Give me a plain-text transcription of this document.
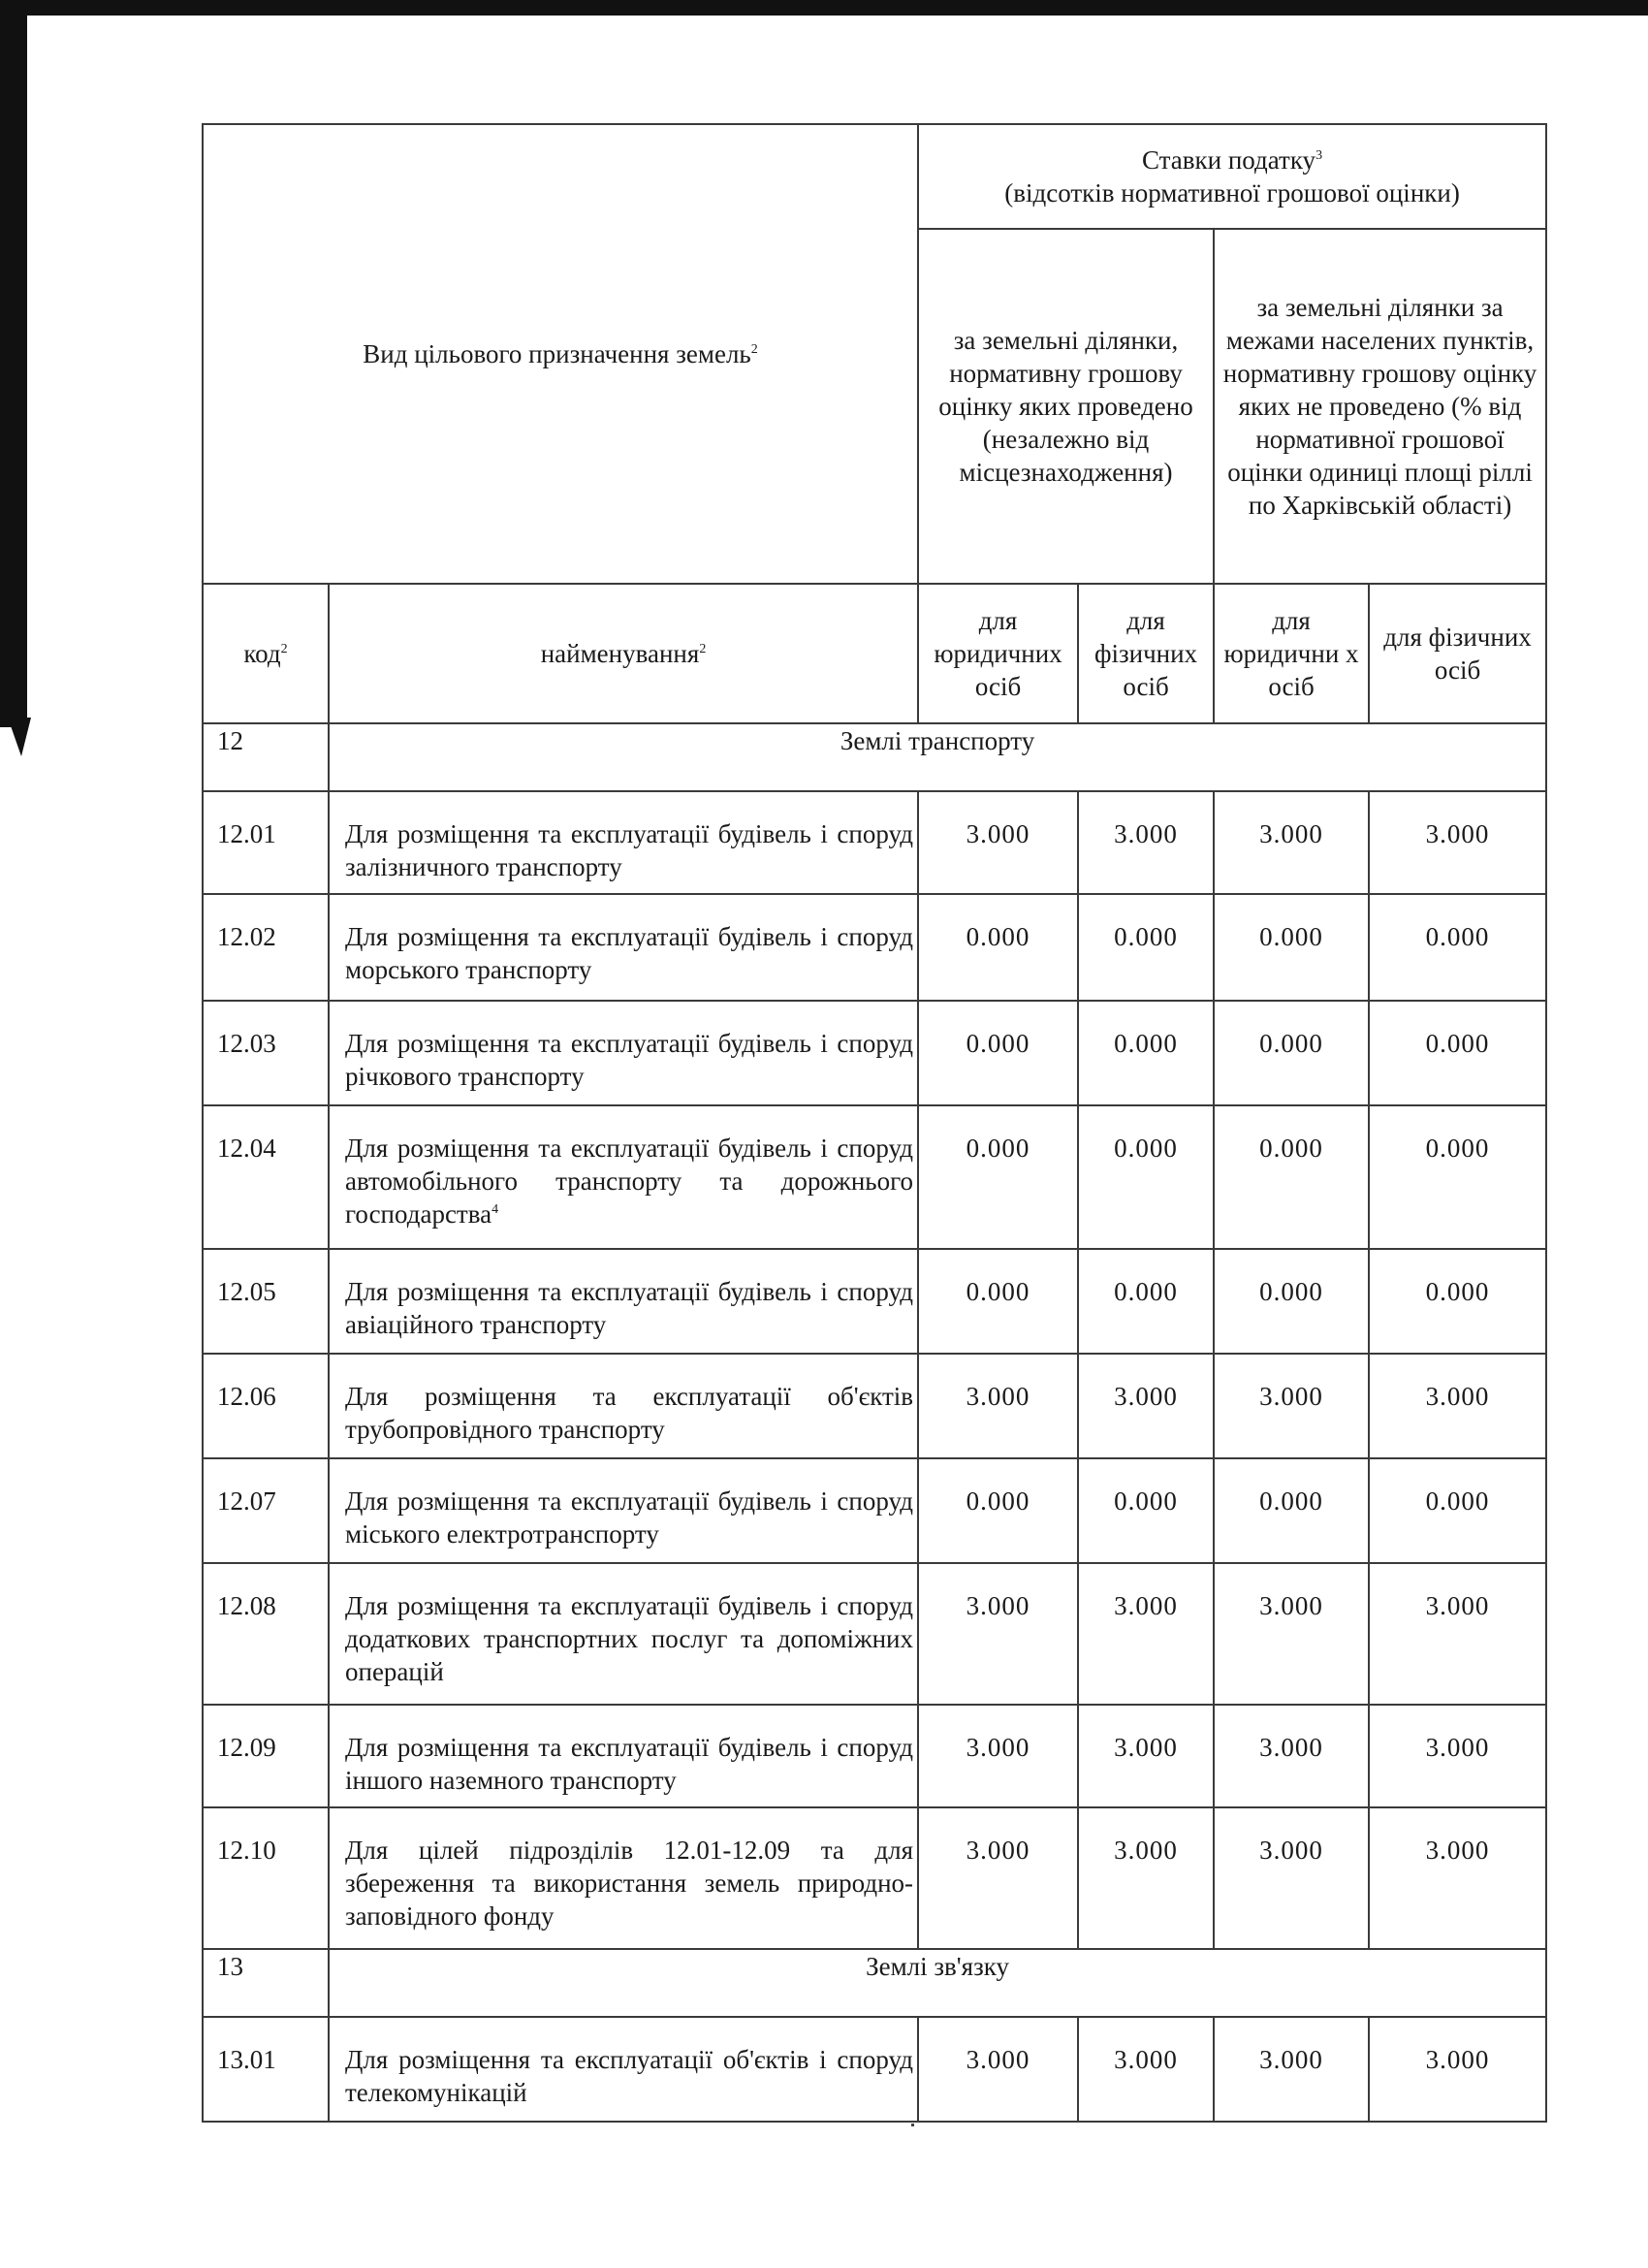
Вид цільового призначення земель$^2$		Ставки податку$^3$
(відсотків нормативної грошової оцінки)			
		за земельні ділянки, нормативну грошову оцінку яких проведено (незалежно від місцезнаходження)		за земельні ділянки за межами населених пунктів, нормативну грошову оцінку яких не проведено (% від нормативної грошової оцінки одиниці площі ріллі по Харківській області)	
код$^2$	найменування$^2$	для юридичних осіб	для фізичних осіб	для юридични х осіб	для фізичних осіб
12	Землі транспорту				
12.01	Для розміщення та експлуатації будівель і споруд залізничного транспорту	3.000	3.000	3.000	3.000
12.02	Для розміщення та експлуатації будівель і споруд морського транспорту	0.000	0.000	0.000	0.000
12.03	Для розміщення та експлуатації будівель і споруд річкового транспорту	0.000	0.000	0.000	0.000
12.04	Для розміщення та експлуатації будівель і споруд автомобільного транспорту та дорожнього господарства$^4$	0.000	0.000	0.000	0.000
12.05	Для розміщення та експлуатації будівель і споруд авіаційного транспорту	0.000	0.000	0.000	0.000
12.06	Для розміщення та експлуатації об'єктів трубопровідного транспорту	3.000	3.000	3.000	3.000
12.07	Для розміщення та експлуатації будівель і споруд міського електротранспорту	0.000	0.000	0.000	0.000
12.08	Для розміщення та експлуатації будівель і споруд додаткових транспортних послуг та допоміжних операцій	3.000	3.000	3.000	3.000
12.09	Для розміщення та експлуатації будівель і споруд іншого наземного транспорту	3.000	3.000	3.000	3.000
12.10	Для цілей підрозділів 12.01-12.09 та для збереження та використання земель природно-заповідного фонду	3.000	3.000	3.000	3.000
13	Землі зв'язку				
13.01	Для розміщення та експлуатації об'єктів і споруд телекомунікацій	3.000	3.000	3.000	3.000
